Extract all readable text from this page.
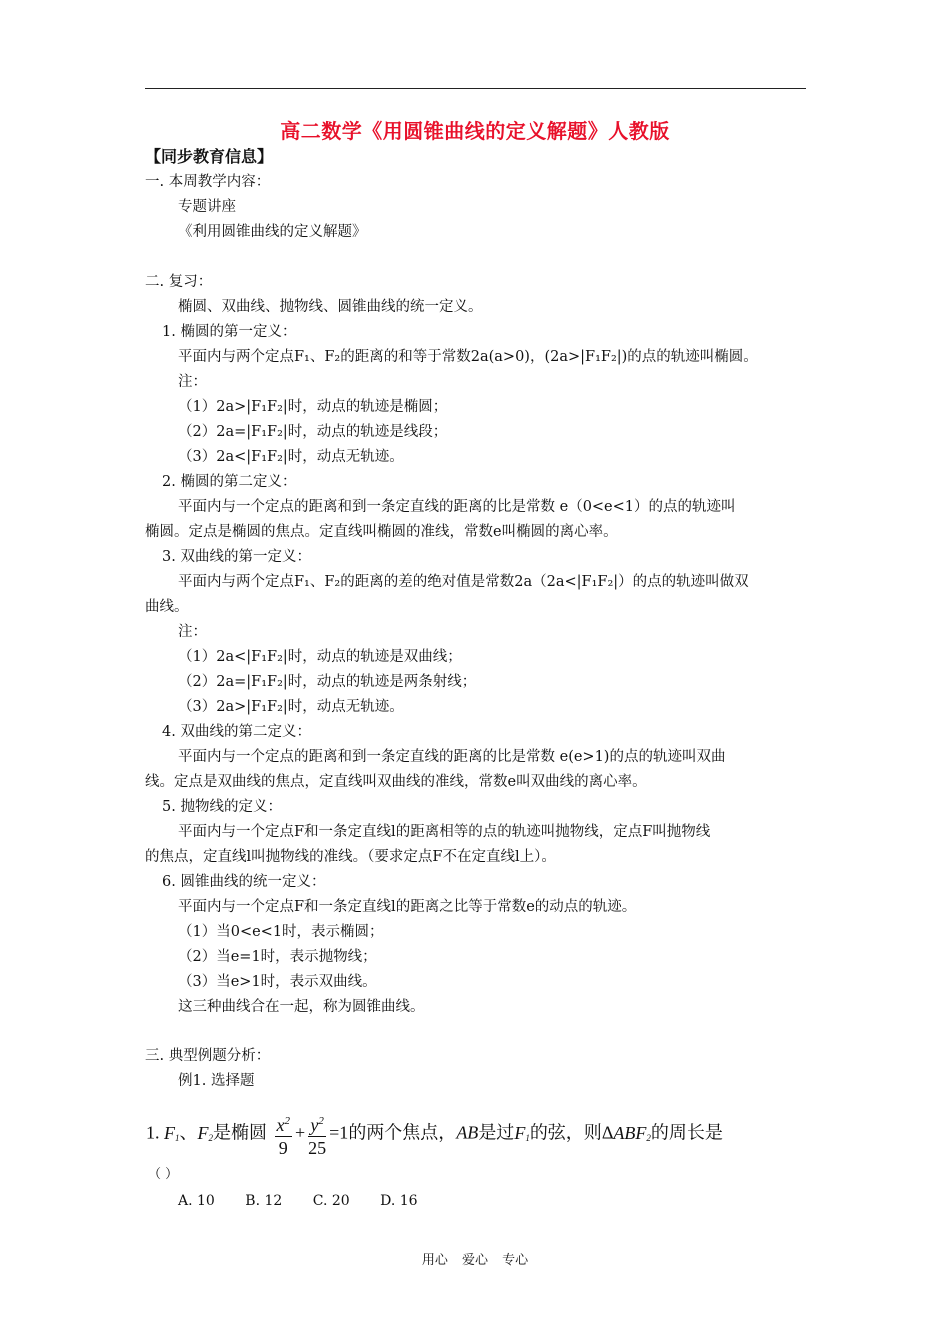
高二数学《用圆锥曲线的定义解题》人教版
【同步教育信息】
一. 本周教学内容：
专题讲座
《利用圆锥曲线的定义解题》
二. 复习：
椭圆、双曲线、抛物线、圆锥曲线的统一定义。
1. 椭圆的第一定义：
平面内与两个定点F₁、F₂的距离的和等于常数2a(a>0)，(2a>|F₁F₂|)的点的轨迹叫椭圆。
注：
（1）2a>|F₁F₂|时，动点的轨迹是椭圆；
（2）2a=|F₁F₂|时，动点的轨迹是线段；
（3）2a<|F₁F₂|时，动点无轨迹。
2. 椭圆的第二定义：
平面内与一个定点的距离和到一条定直线的距离的比是常数 e（0<e<1）的点的轨迹叫
椭圆。定点是椭圆的焦点。定直线叫椭圆的准线，常数e叫椭圆的离心率。
3. 双曲线的第一定义：
平面内与两个定点F₁、F₂的距离的差的绝对值是常数2a（2a<|F₁F₂|）的点的轨迹叫做双
曲线。
注：
（1）2a<|F₁F₂|时，动点的轨迹是双曲线；
（2）2a=|F₁F₂|时，动点的轨迹是两条射线；
（3）2a>|F₁F₂|时，动点无轨迹。
4. 双曲线的第二定义：
平面内与一个定点的距离和到一条定直线的距离的比是常数 e(e>1)的点的轨迹叫双曲
线。定点是双曲线的焦点，定直线叫双曲线的准线，常数e叫双曲线的离心率。
5. 抛物线的定义：
平面内与一个定点F和一条定直线l的距离相等的点的轨迹叫抛物线，定点F叫抛物线
的焦点，定直线l叫抛物线的准线。（要求定点F不在定直线l上）。
6. 圆锥曲线的统一定义：
平面内与一个定点F和一条定直线l的距离之比等于常数e的动点的轨迹。
（1）当0<e<1时，表示椭圆；
（2）当e=1时，表示抛物线；
（3）当e>1时，表示双曲线。
这三种曲线合在一起，称为圆锥曲线。
三. 典型例题分析：
例1. 选择题
1. $F_1$、$F_2$是椭圆 $\frac{x^2}{9} + \frac{y^2}{25} =1$的两个焦点，AB是过$F_1$的弦，则$\Delta ABF_2$的周长是
（ ）
A. 10 B. 12 C. 20 D. 16
用心 爱心 专心
